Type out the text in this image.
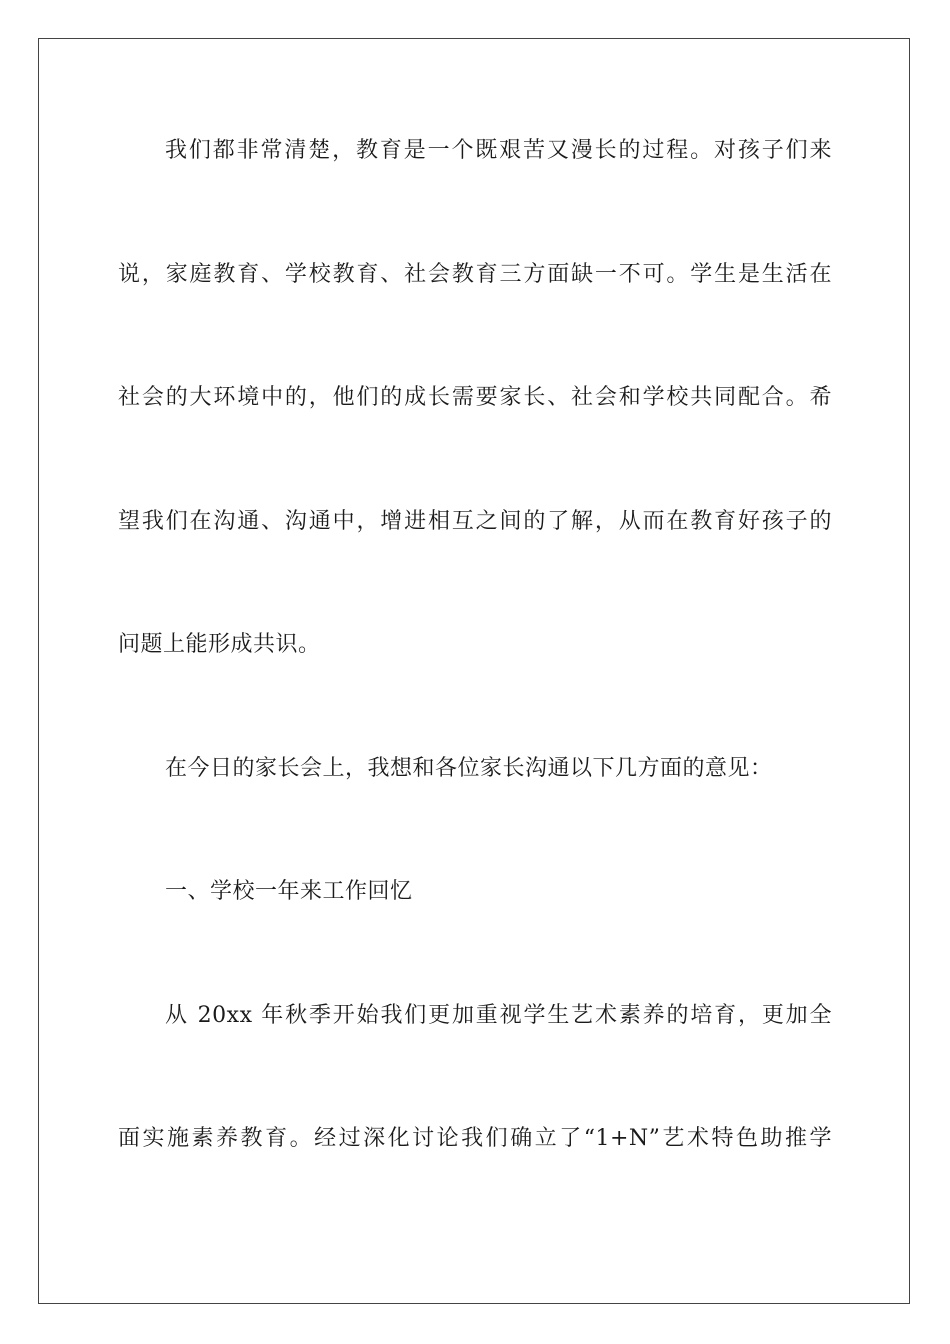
我们都非常清楚，教育是一个既艰苦又漫长的过程。对孩子们来
说，家庭教育、学校教育、社会教育三方面缺一不可。学生是生活在
社会的大环境中的，他们的成长需要家长、社会和学校共同配合。希
望我们在沟通、沟通中，增进相互之间的了解，从而在教育好孩子的
问题上能形成共识。
在今日的家长会上，我想和各位家长沟通以下几方面的意见：
一、学校一年来工作回忆
从 20xx 年秋季开始我们更加重视学生艺术素养的培育，更加全
面实施素养教育。经过深化讨论我们确立了“1+N”艺术特色助推学
